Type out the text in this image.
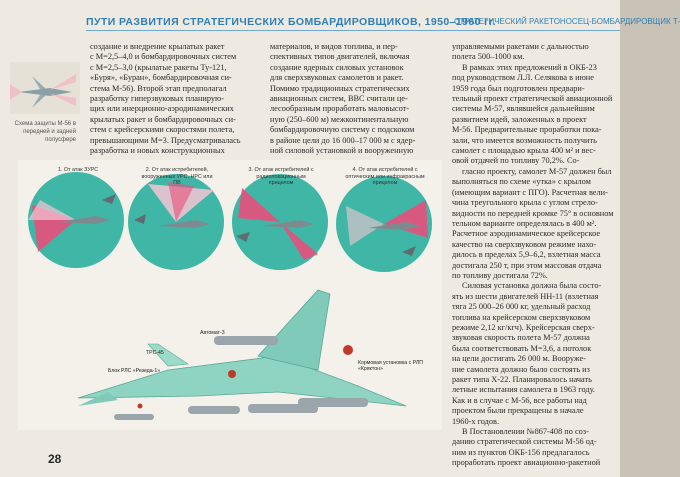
ПУТИ РАЗВИТИЯ СТРАТЕГИЧЕСКИХ БОМБАРДИРОВЩИКОВ, 1950–1960 гг.
СТРАТЕГИЧЕСКИЙ РАКЕТОНОСЕЦ-БОМБАРДИРОВЩИК Т-
Схема защиты М-56 в передней и задней полусфере

создание и внедрение крылатых ракет

с М=2,5–4,0 и бомбардировочных систем

с М=2,5–3,0 (крылатые ракеты Ту-121,

«Буря», «Буран», бомбардировочная си-

стема М-56). Второй этап предполагал

разработку гиперзвуковых планирую-

щих или инерционно-аэродинамических

крылатых ракет и бомбардировочных си-

стем с крейсерскими скоростями полета,

превышающими М=3. Предусматривалась

разработка и новых конструкционных

материалов, и видов топлива, и пер-

спективных типов двигателей, включая

создание ядерных силовых установок

для сверхзвуковых самолетов и ракет.

Помимо традиционных стратегических

авиационных систем, ВВС считали це-

лесообразным проработать маловысот-

ную (250–600 м) межконтинентальную

бомбардировочную систему с подскоком

в районе цели до 16 000–17 000 м с ядер-

ной силовой установкой и вооруженную

управляемыми ракетами с дальностью

полета 500–1000 км.

В рамках этих предложений в ОКБ-23

под руководством Л.Л. Селякова в июне

1959 года был подготовлен предвари-

тельный проект стратегической авиационной

системы М-57, являвшейся дальнейшим

развитием идей, заложенных в проект

М-56. Предварительные проработки пока-

зали, что имеется возможность получить

самолет с площадью крыла 400 м² и вес-

овой отдачей по топливу 70,2%. Со-

гласно проекту, самолет М-57 должен был

выполняться по схеме «утка» с крылом

(имеющим вариант с ПГО). Расчетная вели-

чина треугольного крыла с углом стрело-

видности по передней кромке 75° в основном

тельном варианте определялась в 400 м².

Расчетное аэродинамическое крейсерское

качество на сверхзвуковом режиме нахо-

дилось в пределах 5,9–6,2, взлетная масса

достигала 250 т, при этом массовая отдача

по топливу достигала 72%.

Силовая установка должна была состо-

ять из шести двигателей НН-11 (взлетная

тяга 25 000–26 000 кг, удельный расход

топлива на крейсерском сверхзвуковом

режиме 2,12 кг/кгч). Крейсерская сверх-

звуковая скорость полета М-57 должна

была соответствовать М=3,6, а потолок

на цели достигать 26 000 м. Вооруже-

ние самолета должно было состоять из

ракет типа Х-22. Планировалось начать

летные испытания самолета в 1963 году.

Как и в случае с М-56, все работы над

проектом были прекращены в начале

1960-х годов.

В Постановлении №867-408 по соз-

данию стратегической системы М-56 од-

ним из пунктов ОКБ-156 предлагалось

проработать проект авиационно-ракетной

1. От атак ЗУРС	2. От атак истребителей, вооруженных УРС, НРС или ПВ
3. От атак истребителей с радиолокационным прицелом
4. От атак истребителей с оптическим или инфракрасным прицелом
Автомат-3
ТРС-45
Блок РЛС «Резеда-1»
Кормовая установка с РЛП «Кряктон»
28
